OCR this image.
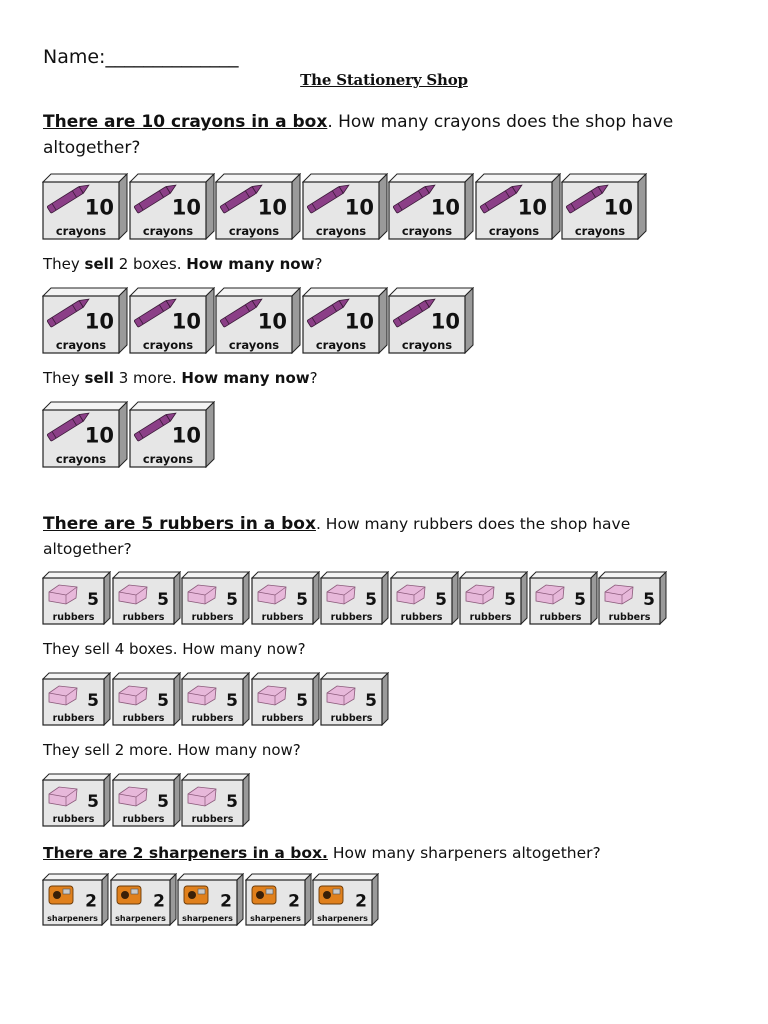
Name:______________
The Stationery Shop
There are 10 crayons in a box. How many crayons does the shop have altogether?
10
crayons
10
crayons
10
crayons
10
crayons
10
crayons
10
crayons
10
crayons
They sell 2 boxes. How many now?
10
crayons
10
crayons
10
crayons
10
crayons
10
crayons
They sell 3 more. How many now?
10
crayons
10
crayons
There are 5 rubbers in a box. How many rubbers does the shop have altogether?
5
rubbers
5
rubbers
5
rubbers
5
rubbers
5
rubbers
5
rubbers
5
rubbers
5
rubbers
5
rubbers
They sell 4 boxes. How many now?
5
rubbers
5
rubbers
5
rubbers
5
rubbers
5
rubbers
They sell 2 more. How many now?
5
rubbers
5
rubbers
5
rubbers
There are 2 sharpeners in a box. How many sharpeners altogether?
2
sharpeners
2
sharpeners
2
sharpeners
2
sharpeners
2
sharpeners
